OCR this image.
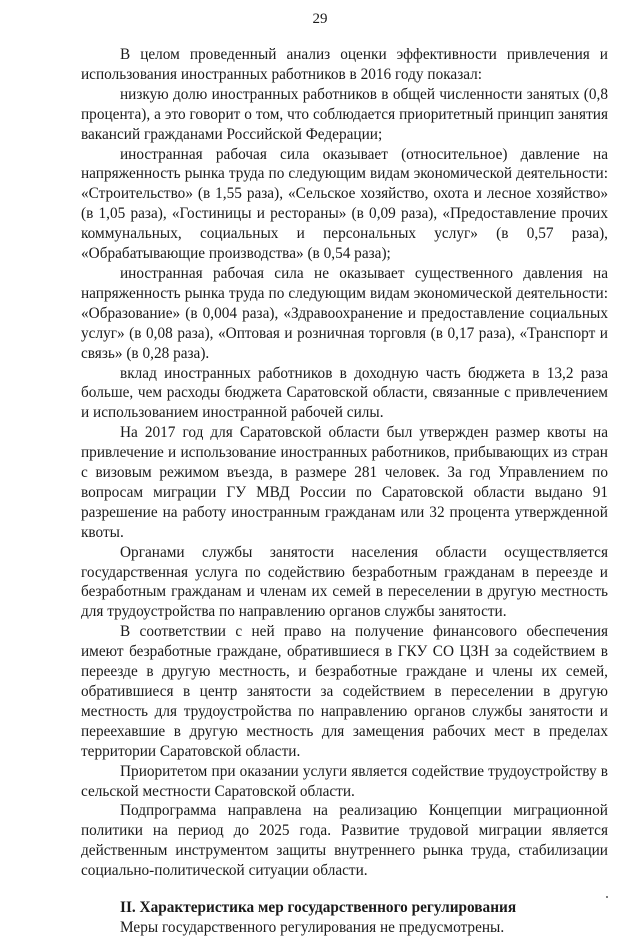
29

В целом проведенный анализ оценки эффективности привлечения и использования иностранных работников в 2016 году показал:

низкую долю иностранных работников в общей численности занятых (0,8 процента), а это говорит о том, что соблюдается приоритетный принцип занятия вакансий гражданами Российской Федерации;

иностранная рабочая сила оказывает (относительное) давление на напряженность рынка труда по следующим видам экономической деятельности: «Строительство» (в 1,55 раза), «Сельское хозяйство, охота и лесное хозяйство» (в 1,05 раза), «Гостиницы и рестораны» (в 0,09 раза), «Предоставление прочих коммунальных, социальных и персональных услуг» (в 0,57 раза), «Обрабатывающие производства» (в 0,54 раза);

иностранная рабочая сила не оказывает существенного давления на напряженность рынка труда по следующим видам экономической деятельности: «Образование» (в 0,004 раза), «Здравоохранение и предоставление социальных услуг» (в 0,08 раза), «Оптовая и розничная торговля (в 0,17 раза), «Транспорт и связь» (в 0,28 раза).

вклад иностранных работников в доходную часть бюджета в 13,2 раза больше, чем расходы бюджета Саратовской области, связанные с привлечением и использованием иностранной рабочей силы.

На 2017 год для Саратовской области был утвержден размер квоты на привлечение и использование иностранных работников, прибывающих из стран с визовым режимом въезда, в размере 281 человек. За год Управлением по вопросам миграции ГУ МВД России по Саратовской области выдано 91 разрешение на работу иностранным гражданам или 32 процента утвержденной квоты.

Органами службы занятости населения области осуществляется государственная услуга по содействию безработным гражданам в переезде и безработным гражданам и членам их семей в переселении в другую местность для трудоустройства по направлению органов службы занятости.

В соответствии с ней право на получение финансового обеспечения имеют безработные граждане, обратившиеся в ГКУ СО ЦЗН за содействием в переезде в другую местность, и безработные граждане и члены их семей, обратившиеся в центр занятости за содействием в переселении в другую местность для трудоустройства по направлению органов службы занятости и переехавшие в другую местность для замещения рабочих мест в пределах территории Саратовской области.

Приоритетом при оказании услуги является содействие трудоустройству в сельской местности Саратовской области.

Подпрограмма направлена на реализацию Концепции миграционной политики на период до 2025 года. Развитие трудовой миграции является действенным инструментом защиты внутреннего рынка труда, стабилизации социально-политической ситуации области.

II. Характеристика мер государственного регулирования

Меры государственного регулирования не предусмотрены.
